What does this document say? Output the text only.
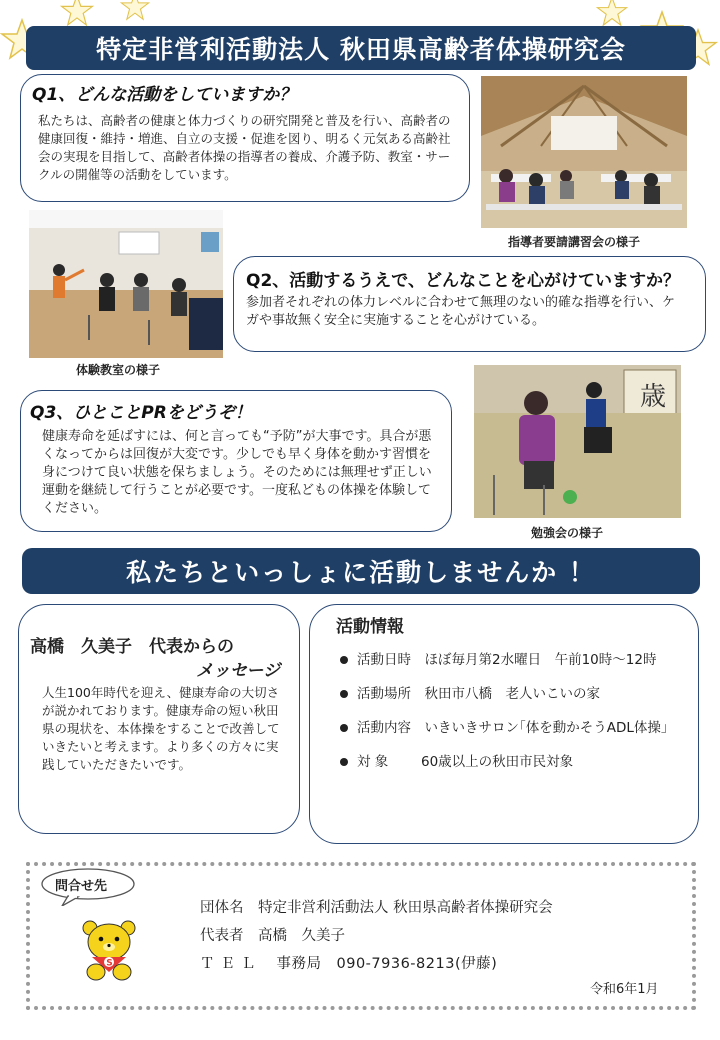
特定非営利活動法人 秋田県高齢者体操研究会
Q1、どんな活動をしていますか？
私たちは、高齢者の健康と体力づくりの研究開発と普及を行い、高齢者の健康回復・維持・増進、自立の支援・促進を図り、明るく元気ある高齢社会の実現を目指して、高齢者体操の指導者の養成、介護予防、教室・サークルの開催等の活動をしています。
指導者要請講習会の様子
体験教室の様子
Q2、活動するうえで、どんなことを心がけていますか？
参加者それぞれの体力レベルに合わせて無理のない的確な指導を行い、ケガや事故無く安全に実施することを心がけている。
Q3、ひとことPRをどうぞ！
健康寿命を延ばすには、何と言っても“予防”が大事です。具合が悪くなってからは回復が大変です。少しでも早く身体を動かす習慣を身につけて良い状態を保ちましょう。そのためには無理せず正しい運動を継続して行うことが必要です。一度私どもの体操を体験してください。
歳
勉強会の様子
私たちといっしょに活動しませんか ！
高橋　久美子　代表からの
メッセージ
人生100年時代を迎え、健康寿命の大切さが説かれております。健康寿命の短い秋田県の現状を、本体操をすることで改善していきたいと考えます。より多くの方々に実践していただきたいです。
活動情報
活動日時　 ほぼ毎月第2水曜日　午前10時～12時
活動場所　 秋田市八橋　老人いこいの家
活動内容　 いきいきサロン｢体を動かそうADL体操｣
対 象 60歳以上の秋田市民対象
問合せ先
S
団体名　 特定非営利活動法人 秋田県高齢者体操研究会
代表者　 高橋　久美子
ＴＥＬ　 事務局　090-7936-8213(伊藤)
令和6年1月
